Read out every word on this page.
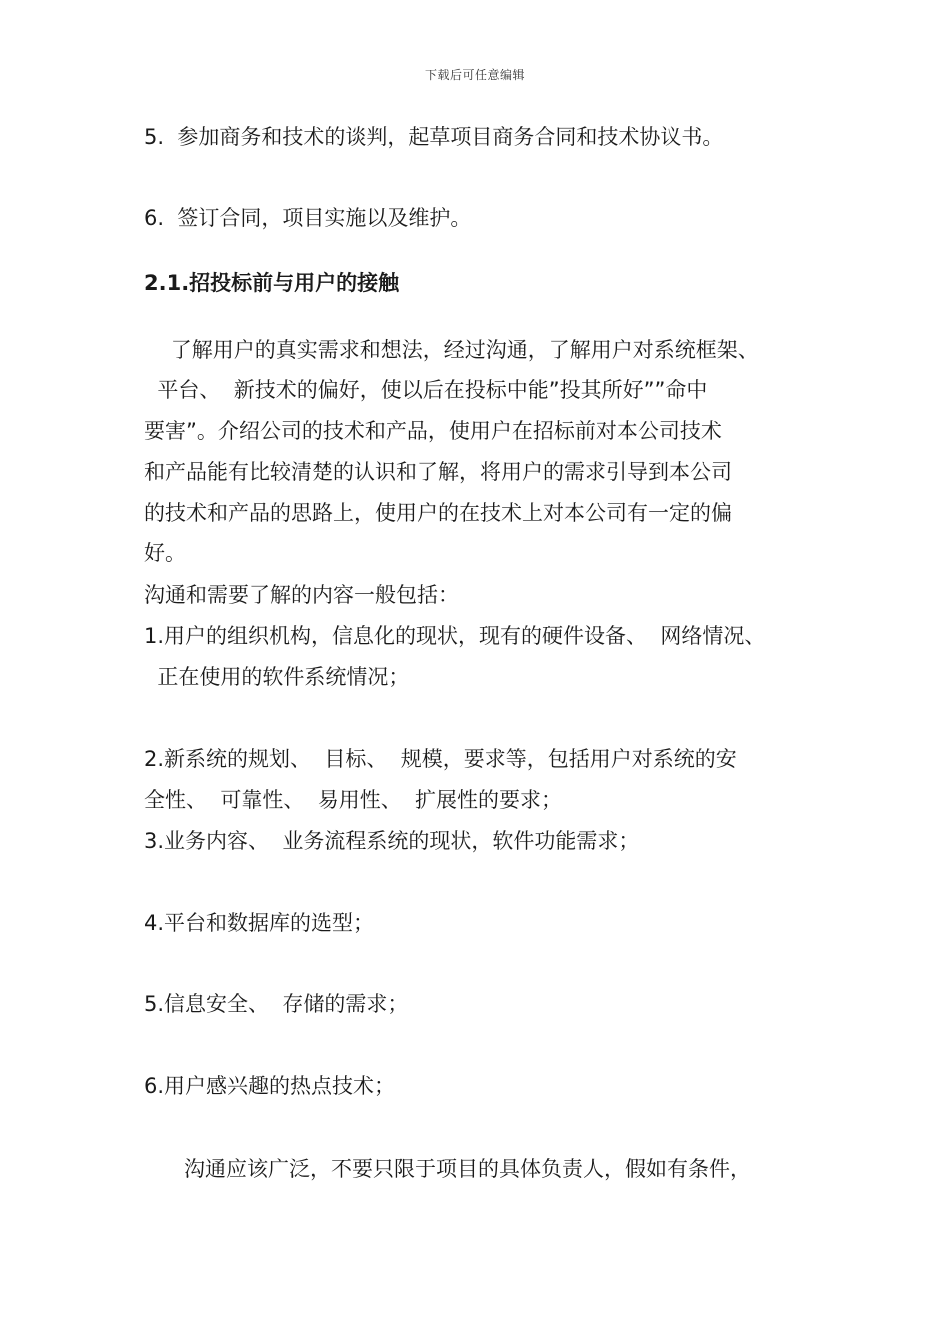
下载后可任意编辑
5.  参加商务和技术的谈判，起草项目商务合同和技术协议书。
6.  签订合同，项目实施以及维护。
2.1.招投标前与用户的接触
了解用户的真实需求和想法，经过沟通，了解用户对系统框架、
平台、  新技术的偏好，使以后在投标中能”投其所好””命中
要害”。介绍公司的技术和产品，使用户在招标前对本公司技术
和产品能有比较清楚的认识和了解，将用户的需求引导到本公司
的技术和产品的思路上，使用户的在技术上对本公司有一定的偏
好。
沟通和需要了解的内容一般包括：
1.用户的组织机构，信息化的现状，现有的硬件设备、  网络情况、
正在使用的软件系统情况；
2.新系统的规划、  目标、  规模，要求等，包括用户对系统的安
全性、  可靠性、  易用性、  扩展性的要求；
3.业务内容、  业务流程系统的现状，软件功能需求；
4.平台和数据库的选型；
5.信息安全、  存储的需求；
6.用户感兴趣的热点技术；
沟通应该广泛，不要只限于项目的具体负责人，假如有条件，
